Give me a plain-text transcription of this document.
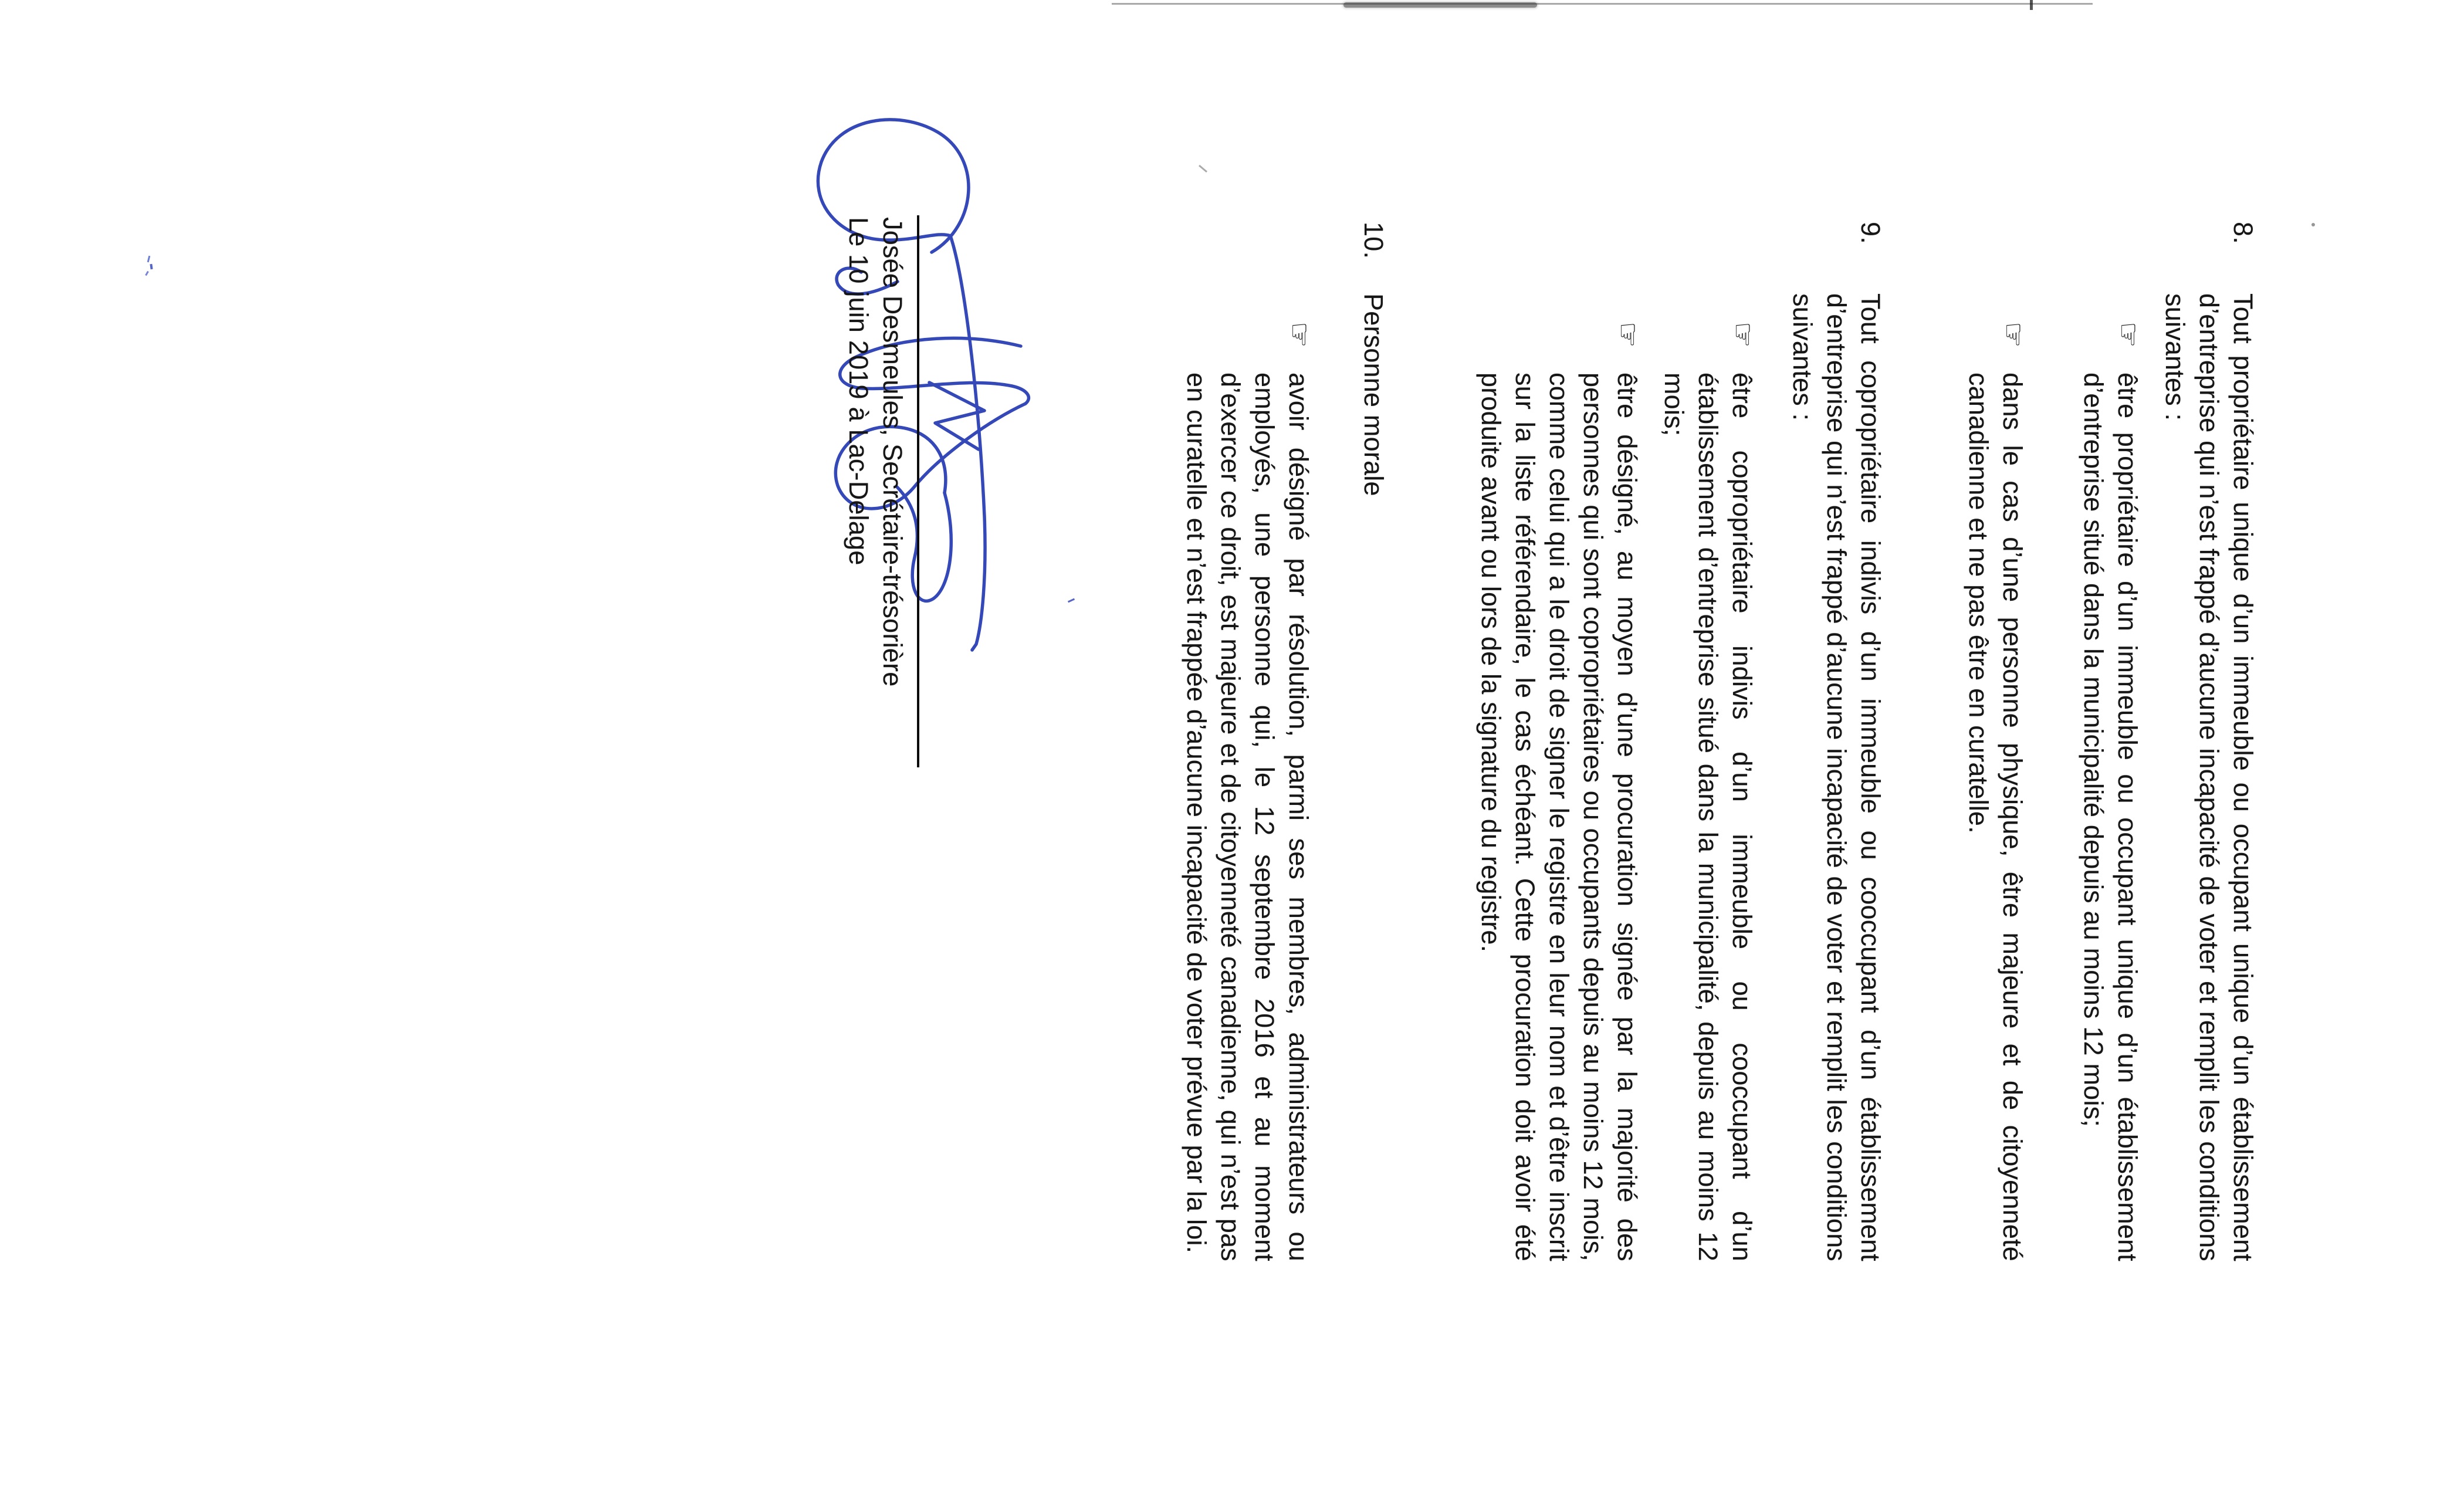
8.
Tout propriétaire unique d’un immeuble ou occupant unique d’un établissement d’entreprise qui n’est frappé d’aucune incapacité de voter et remplit les conditions suivantes :
☞
être propriétaire d’un immeuble ou occupant unique d’un établissement d’entreprise situé dans la municipalité depuis au moins 12 mois;
☞
dans le cas d’une personne physique, être majeure et de citoyenneté canadienne et ne pas être en curatelle.
9.
Tout copropriétaire indivis d’un immeuble ou cooccupant d’un établissement d’entreprise qui n’est frappé d’aucune incapacité de voter et remplit les conditions suivantes :
☞
être copropriétaire indivis d’un immeuble ou cooccupant d’un établissement d’entreprise situé dans la municipalité, depuis au moins 12 mois;
☞
être désigné, au moyen d’une procuration signée par la majorité des personnes qui sont copropriétaires ou occupants depuis au moins 12 mois, comme celui qui a le droit de signer le registre en leur nom et d’être inscrit sur la liste référendaire, le cas échéant. Cette procuration doit avoir été produite avant ou lors de la signature du registre.
10.
Personne morale
☞
avoir désigné par résolution, parmi ses membres, administrateurs ou employés, une personne qui, le 12 septembre 2016 et au moment d’exercer ce droit, est majeure et de citoyenneté canadienne, qui n’est pas en curatelle et n’est frappée d’aucune incapacité de voter prévue par la loi.
Josée Desmeules, Secrétaire-trésorière
Le 10 juin 2019 à Lac-Delage
